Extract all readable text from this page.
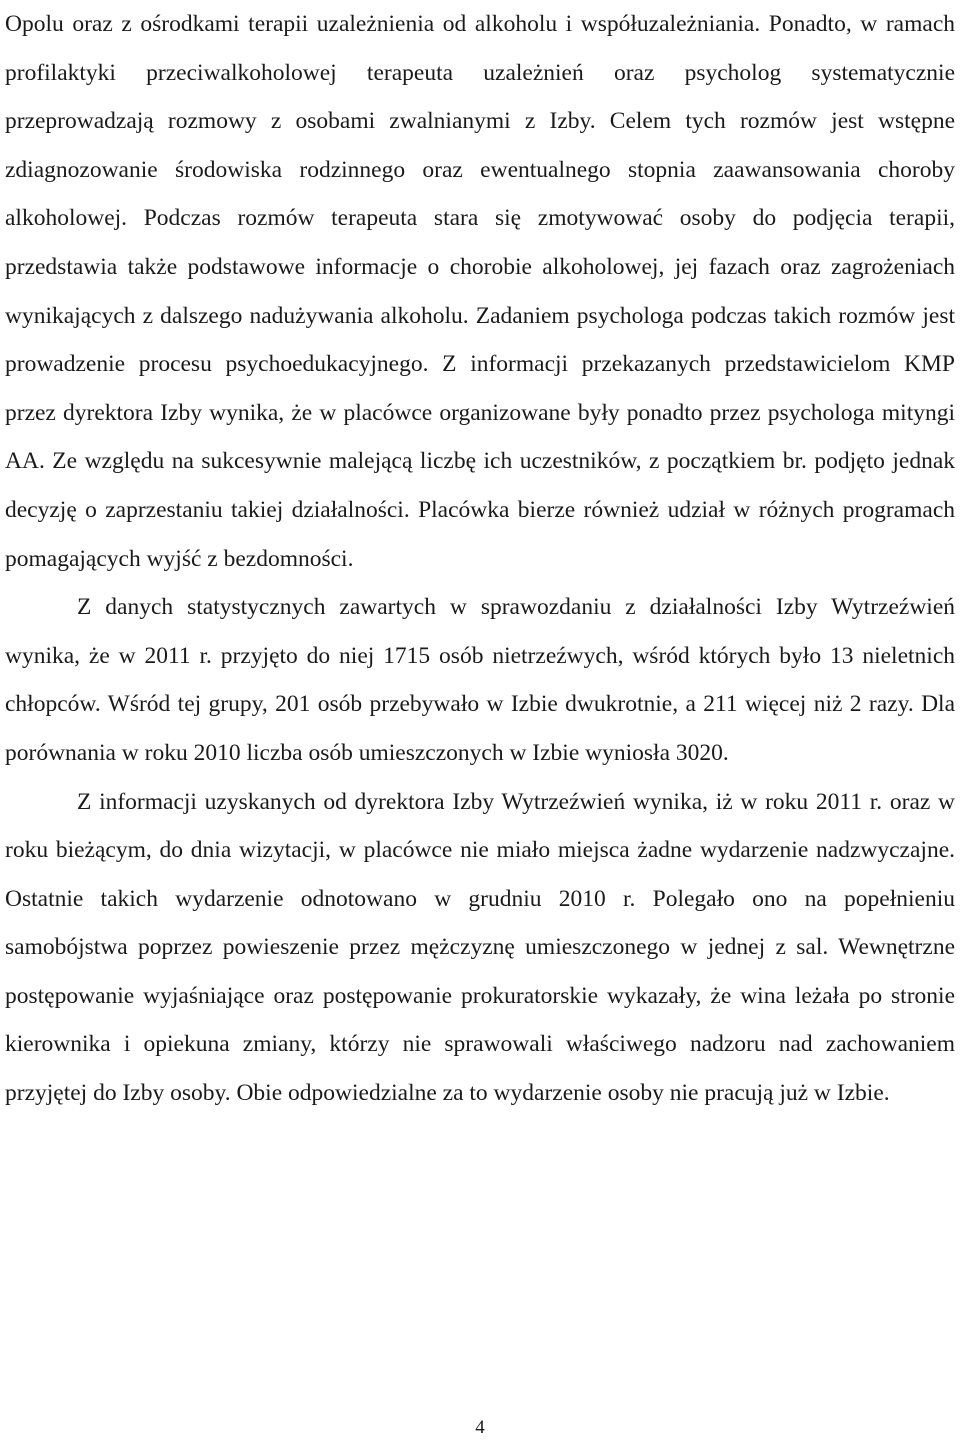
Opolu oraz z ośrodkami terapii uzależnienia od alkoholu i współuzależniania. Ponadto, w ramach profilaktyki przeciwalkoholowej terapeuta uzależnień oraz psycholog systematycznie przeprowadzają rozmowy z osobami zwalnianymi z Izby. Celem tych rozmów jest wstępne zdiagnozowanie środowiska rodzinnego oraz ewentualnego stopnia zaawansowania choroby alkoholowej. Podczas rozmów terapeuta stara się zmotywować osoby do podjęcia terapii, przedstawia także podstawowe informacje o chorobie alkoholowej, jej fazach oraz zagrożeniach wynikających z dalszego nadużywania alkoholu. Zadaniem psychologa podczas takich rozmów jest prowadzenie procesu psychoedukacyjnego. Z informacji przekazanych przedstawicielom KMP przez dyrektora Izby wynika, że w placówce organizowane były ponadto przez psychologa mityngi AA. Ze względu na sukcesywnie malejącą liczbę ich uczestników, z początkiem br. podjęto jednak decyzję o zaprzestaniu takiej działalności. Placówka bierze również udział w różnych programach pomagających wyjść z bezdomności.

Z danych statystycznych zawartych w sprawozdaniu z działalności Izby Wytrzeźwień wynika, że w 2011 r. przyjęto do niej 1715 osób nietrzeźwych, wśród których było 13 nieletnich chłopców. Wśród tej grupy, 201 osób przebywało w Izbie dwukrotnie, a 211 więcej niż 2 razy. Dla porównania w roku 2010 liczba osób umieszczonych w Izbie wyniosła 3020.

Z informacji uzyskanych od dyrektora Izby Wytrzeźwień wynika, iż w roku 2011 r. oraz w roku bieżącym, do dnia wizytacji, w placówce nie miało miejsca żadne wydarzenie nadzwyczajne. Ostatnie takich wydarzenie odnotowano w grudniu 2010 r. Polegało ono na popełnieniu samobójstwa poprzez powieszenie przez mężczyznę umieszczonego w jednej z sal. Wewnętrzne postępowanie wyjaśniające oraz postępowanie prokuratorskie wykazały, że wina leżała po stronie kierownika i opiekuna zmiany, którzy nie sprawowali właściwego nadzoru nad zachowaniem przyjętej do Izby osoby. Obie odpowiedzialne za to wydarzenie osoby nie pracują już w Izbie.

4
